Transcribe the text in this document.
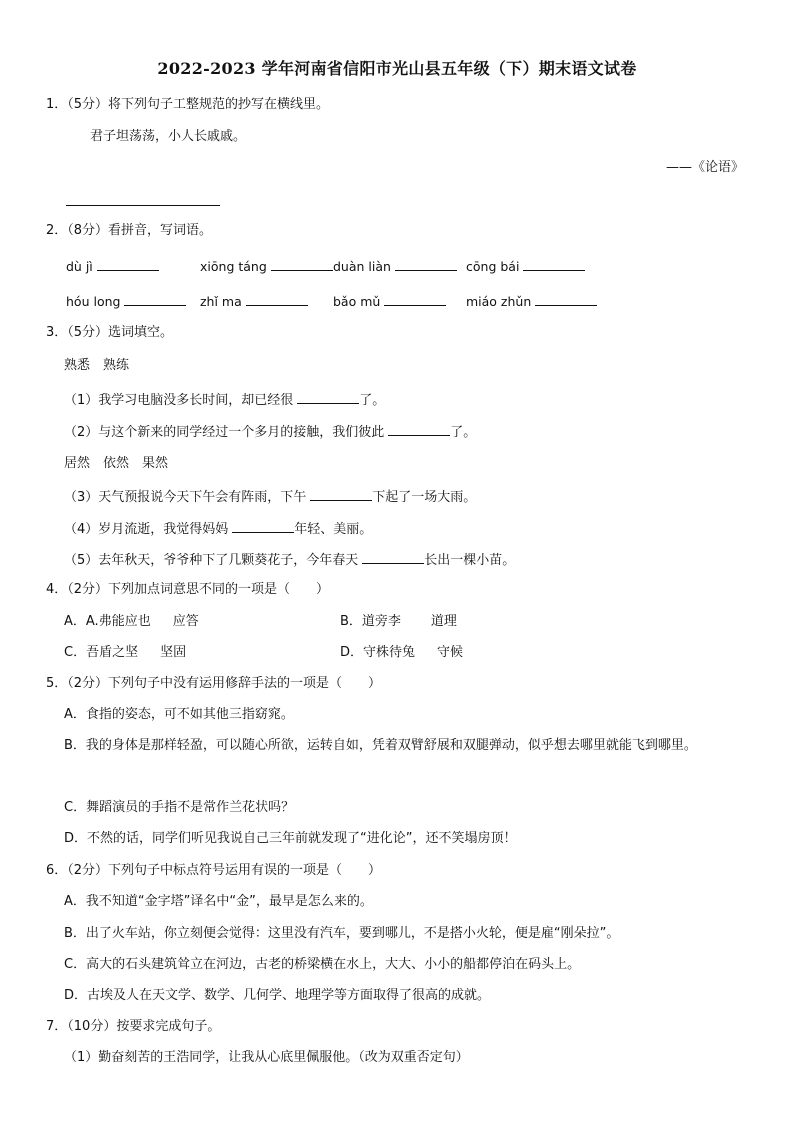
2022-2023 学年河南省信阳市光山县五年级（下）期末语文试卷
1．（5分）将下列句子工整规范的抄写在横线里。
君子坦荡荡，小人长戚戚。
——《论语》
2．（8分）看拼音，写词语。
dù jì	xiōng táng	duàn liàn	cōng bái
hóu long	zhǐ ma	bǎo mǔ	miáo zhǔn
3．（5分）选词填空。
熟悉　熟练
（1）我学习电脑没多长时间，却已经很	了。
（2）与这个新来的同学经过一个多月的接触，我们彼此	了。
居然　依然　果然
（3）天气预报说今天下午会有阵雨，下午	下起了一场大雨。
（4）岁月流逝，我觉得妈妈	年轻、美丽。
（5）去年秋天，爷爷种下了几颗葵花子，今年春天	长出一棵小苗。
4．（2分）下列加点词意思不同的一项是（　　）
A．A.弗能应也 应答	B．道旁李 道理
C．吾盾之坚 坚固	D．守株待兔 守候
5．（2分）下列句子中没有运用修辞手法的一项是（　　）
A．食指的姿态，可不如其他三指窈窕。
B．我的身体是那样轻盈，可以随心所欲，运转自如，凭着双臂舒展和双腿弹动，似乎想去哪里就能飞到哪里。
C．舞蹈演员的手指不是常作兰花状吗？
D．不然的话，同学们听见我说自己三年前就发现了“进化论”，还不笑塌房顶！
6．（2分）下列句子中标点符号运用有误的一项是（　　）
A．我不知道“金字塔”译名中“金”，最早是怎么来的。
B．出了火车站，你立刻便会觉得：这里没有汽车，要到哪儿，不是搭小火轮，便是雇“刚朵拉”。
C．高大的石头建筑耸立在河边，古老的桥梁横在水上，大大、小小的船都停泊在码头上。
D．古埃及人在天文学、数学、几何学、地理学等方面取得了很高的成就。
7．（10分）按要求完成句子。
（1）勤奋刻苦的王浩同学，让我从心底里佩服他。（改为双重否定句）
